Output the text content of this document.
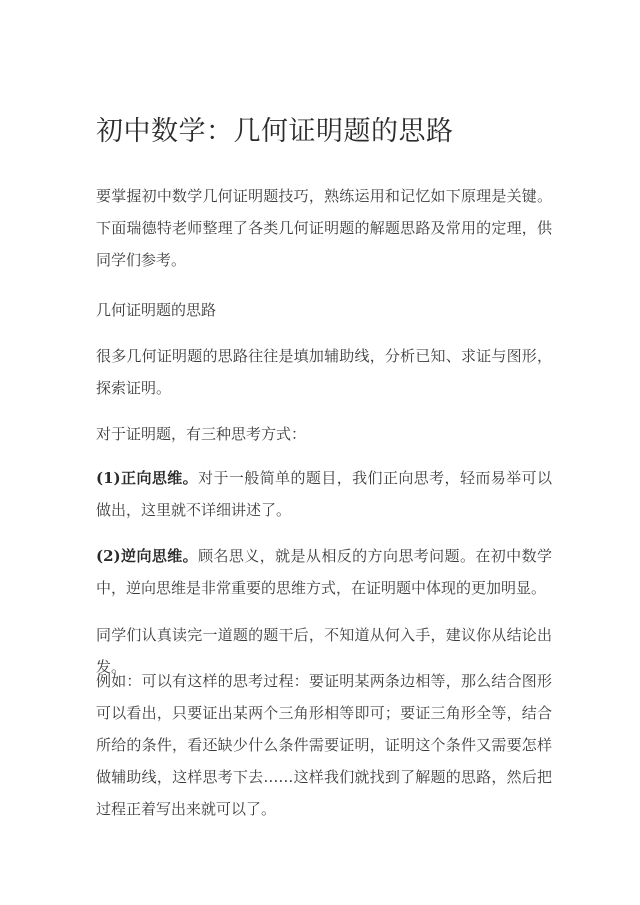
初中数学：几何证明题的思路

要掌握初中数学几何证明题技巧，熟练运用和记忆如下原理是关键。下面瑞德特老师整理了各类几何证明题的解题思路及常用的定理，供同学们参考。

几何证明题的思路

很多几何证明题的思路往往是填加辅助线，分析已知、求证与图形，探索证明。

对于证明题，有三种思考方式：

(1)正向思维。对于一般简单的题目，我们正向思考，轻而易举可以做出，这里就不详细讲述了。

(2)逆向思维。顾名思义，就是从相反的方向思考问题。在初中数学中，逆向思维是非常重要的思维方式，在证明题中体现的更加明显。

同学们认真读完一道题的题干后，不知道从何入手，建议你从结论出发。

例如：可以有这样的思考过程：要证明某两条边相等，那么结合图形可以看出，只要证出某两个三角形相等即可；要证三角形全等，结合所给的条件，看还缺少什么条件需要证明，证明这个条件又需要怎样做辅助线，这样思考下去……这样我们就找到了解题的思路，然后把过程正着写出来就可以了。
